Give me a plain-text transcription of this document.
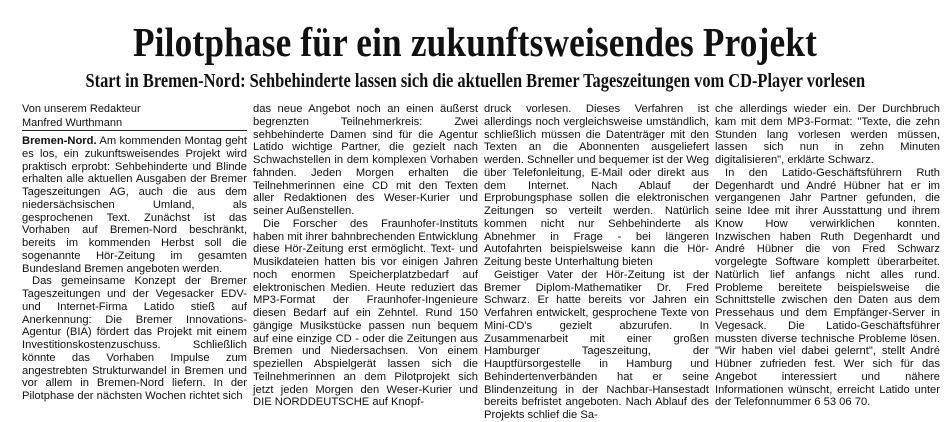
Pilotphase für ein zukunftsweisendes Projekt
Start in Bremen-Nord: Sehbehinderte lassen sich die aktuellen Bremer Tageszeitungen vom CD-Player vorlesen
Von unserem Redakteur
Manfred Wurthmann

Bremen-Nord. Am kommenden Montag geht es los, ein zukunftsweisendes Projekt wird praktisch erprobt: Sehbehinderte und Blinde erhalten alle aktuellen Ausgaben der Bremer Tageszeitungen AG, auch die aus dem niedersächsischen Umland, als gesprochenen Text. Zunächst ist das Vorhaben auf Bremen-Nord beschränkt, bereits im kommenden Herbst soll die sogenannte Hör-Zeitung im gesamten Bundesland Bremen angeboten werden.

Das gemeinsame Konzept der Bremer Tageszeitungen und der Vegesacker EDV- und Internet-Firma Latido stieß auf Anerkennung: Die Bremer Innovations-Agentur (BIA) fördert das Projekt mit einem Investitionskostenzuschuss. Schließlich könnte das Vorhaben Impulse zum angestrebten Strukturwandel in Bremen und vor allem in Bremen-Nord liefern. In der Pilotphase der nächsten Wochen richtet sich

das neue Angebot noch an einen äußerst begrenzten Teilnehmerkreis: Zwei sehbehinderte Damen sind für die Agentur Latido wichtige Partner, die gezielt nach Schwachstellen in dem komplexen Vorhaben fahnden. Jeden Morgen erhalten die Teilnehmerinnen eine CD mit den Texten aller Redaktionen des Weser-Kurier und seiner Außenstellen.

Die Forscher des Fraunhofer-Instituts haben mit ihrer bahnbrechenden Entwicklung diese Hör-Zeitung erst ermöglicht. Text- und Musikdateien hatten bis vor einigen Jahren noch enormen Speicherplatzbedarf auf elektronischen Medien. Heute reduziert das MP3-Format der Fraunhofer-Ingenieure diesen Bedarf auf ein Zehntel. Rund 150 gängige Musikstücke passen nun bequem auf eine einzige CD - oder die Zeitungen aus Bremen und Niedersachsen. Von einem speziellen Abspielgerät lassen sich die Teilnehmerinnen an dem Pilotprojekt sich jetzt jeden Morgen den Weser-Kurier und DIE NORDDEUTSCHE auf Knopf-

druck vorlesen. Dieses Verfahren ist allerdings noch vergleichsweise umständlich, schließlich müssen die Datenträger mit den Texten an die Abonnenten ausgeliefert werden. Schneller und bequemer ist der Weg über Telefonleitung, E-Mail oder direkt aus dem Internet. Nach Ablauf der Erprobungsphase sollen die elektronischen Zeitungen so verteilt werden. Natürlich kommen nicht nur Sehbehinderte als Abnehmer in Frage - bei längeren Autofahrten beispielsweise kann die Hör-Zeitung beste Unterhaltung bieten

Geistiger Vater der Hör-Zeitung ist der Bremer Diplom-Mathematiker Dr. Fred Schwarz. Er hatte bereits vor Jahren ein Verfahren entwickelt, gesprochene Texte von Mini-CD's gezielt abzurufen. In Zusammenarbeit mit einer großen Hamburger Tageszeitung, der Hauptfürsorgestelle in Hamburg und Behindertenverbänden hat er seine Blindenzeitung in der Nachbar-Hansestadt bereits befristet angeboten. Nach Ablauf des Projekts schlief die Sa-

che allerdings wieder ein. Der Durchbruch kam mit dem MP3-Format: "Texte, die zehn Stunden lang vorlesen werden müssen, lassen sich nun in zehn Minuten digitalisieren", erklärte Schwarz.

In den Latido-Geschäftsführern Ruth Degenhardt und André Hübner hat er im vergangenen Jahr Partner gefunden, die seine Idee mit ihrer Ausstattung und ihrem Know How verwirklichen konnten. Inzwischen haben Ruth Degenhardt und André Hübner die von Fred Schwarz vorgelegte Software komplett überarbeitet. Natürlich lief anfangs nicht alles rund. Probleme bereitete beispielsweise die Schnittstelle zwischen den Daten aus dem Pressehaus und dem Empfänger-Server in Vegesack. Die Latido-Geschäftsführer mussten diverse technische Probleme lösen. "Wir haben viel dabei gelernt", stellt André Hübner zufrieden fest. Wer sich für das Angebot interessiert und nähere Informationen wünscht, erreicht Latido unter der Telefonnummer 6 53 06 70.
